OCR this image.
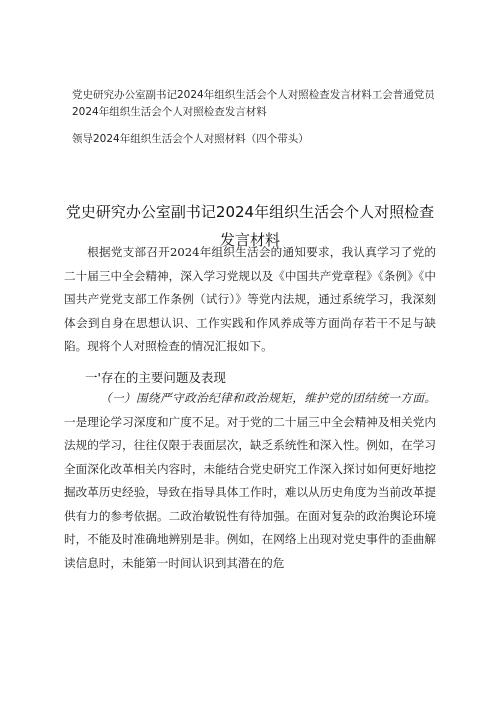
党史研究办公室副书记2024年组织生活会个人对照检查发言材料工会普通党员2024年组织生活会个人对照检查发言材料
领导2024年组织生活会个人对照材料（四个带头）
党史研究办公室副书记2024年组织生活会个人对照检查发言材料
根据党支部召开2024年组织生活会的通知要求，我认真学习了党的二十届三中全会精神，深入学习党规以及《中国共产党章程》《条例》《中国共产党党支部工作条例（试行）》等党内法规，通过系统学习，我深刻体会到自身在思想认识、工作实践和作风养成等方面尚存若干不足与缺陷。现将个人对照检查的情况汇报如下。
一'存在的主要问题及表现
（一）围绕严守政治纪律和政治规矩，维护党的团结统一方面。一是理论学习深度和广度不足。对于党的二十届三中全会精神及相关党内法规的学习，往往仅限于表面层次，缺乏系统性和深入性。例如，在学习全面深化改革相关内容时，未能结合党史研究工作深入探讨如何更好地挖掘改革历史经验，导致在指导具体工作时，难以从历史角度为当前改革提供有力的参考依据。二政治敏锐性有待加强。在面对复杂的政治舆论环境时，不能及时准确地辨别是非。例如，在网络上出现对党史事件的歪曲解读信息时，未能第一时间认识到其潜在的危
